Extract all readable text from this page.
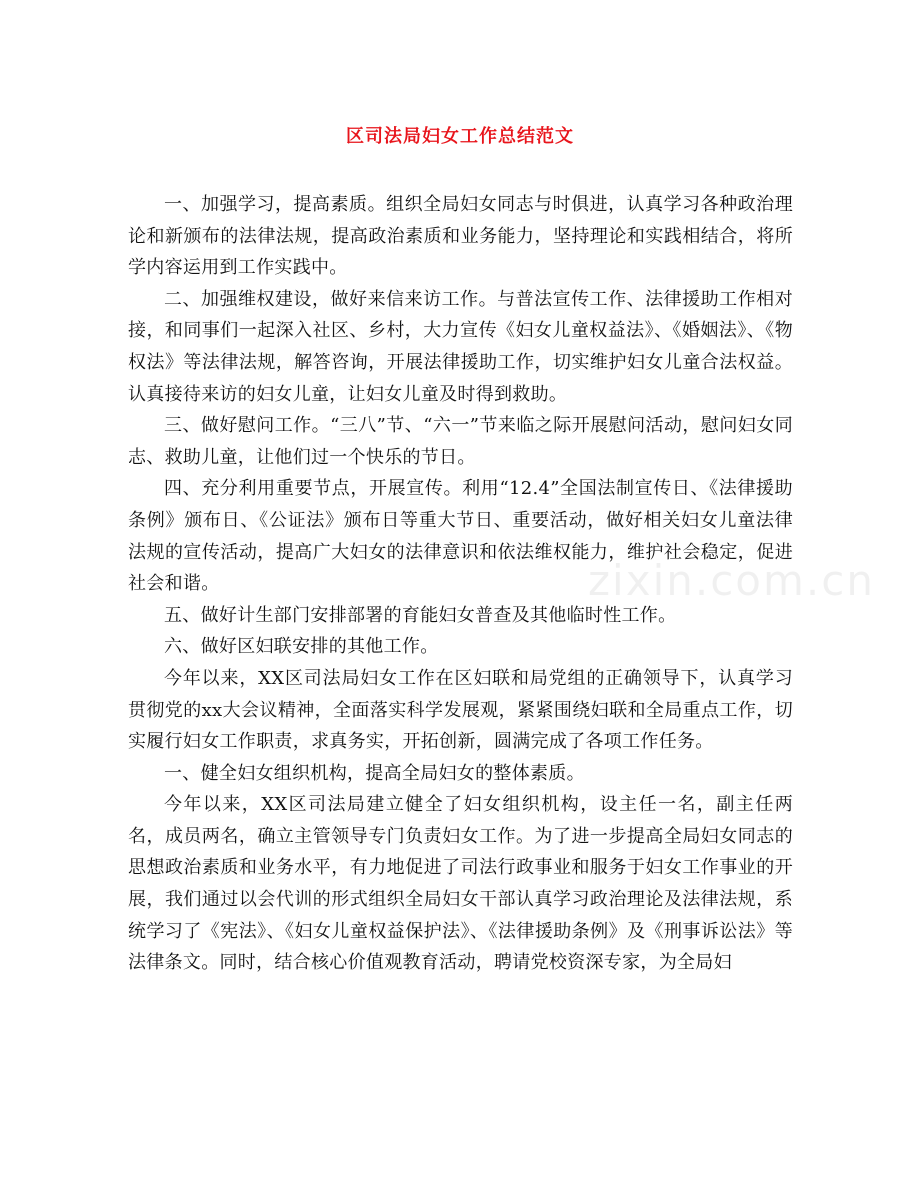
区司法局妇女工作总结范文
zixin.com.cn

一、加强学习，提高素质。组织全局妇女同志与时俱进，认真学习各种政治理论和新颁布的法律法规，提高政治素质和业务能力，坚持理论和实践相结合，将所学内容运用到工作实践中。

二、加强维权建设，做好来信来访工作。与普法宣传工作、法律援助工作相对接，和同事们一起深入社区、乡村，大力宣传《妇女儿童权益法》、《婚姻法》、《物权法》等法律法规，解答咨询，开展法律援助工作，切实维护妇女儿童合法权益。认真接待来访的妇女儿童，让妇女儿童及时得到救助。

三、做好慰问工作。“三八”节、“六一”节来临之际开展慰问活动，慰问妇女同志、救助儿童，让他们过一个快乐的节日。

四、充分利用重要节点，开展宣传。利用“12.4”全国法制宣传日、《法律援助条例》颁布日、《公证法》颁布日等重大节日、重要活动，做好相关妇女儿童法律法规的宣传活动，提高广大妇女的法律意识和依法维权能力，维护社会稳定，促进社会和谐。

五、做好计生部门安排部署的育能妇女普查及其他临时性工作。

六、做好区妇联安排的其他工作。

今年以来，XX区司法局妇女工作在区妇联和局党组的正确领导下，认真学习贯彻党的xx大会议精神，全面落实科学发展观，紧紧围绕妇联和全局重点工作，切实履行妇女工作职责，求真务实，开拓创新，圆满完成了各项工作任务。

一、健全妇女组织机构，提高全局妇女的整体素质。

今年以来，XX区司法局建立健全了妇女组织机构，设主任一名，副主任两名，成员两名，确立主管领导专门负责妇女工作。为了进一步提高全局妇女同志的思想政治素质和业务水平，有力地促进了司法行政事业和服务于妇女工作事业的开展，我们通过以会代训的形式组织全局妇女干部认真学习政治理论及法律法规，系统学习了《宪法》、《妇女儿童权益保护法》、《法律援助条例》及《刑事诉讼法》等法律条文。同时，结合核心价值观教育活动，聘请党校资深专家，为全局妇
